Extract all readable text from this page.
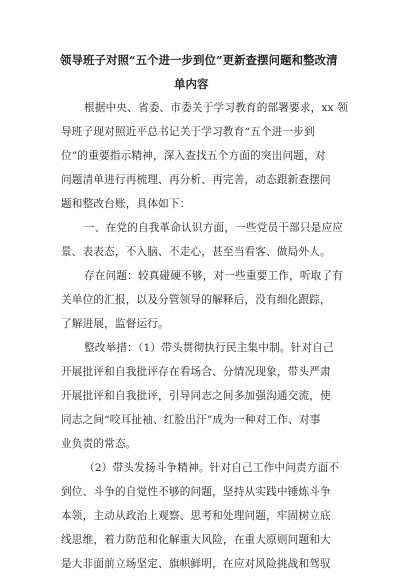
领导班子对照“五个进一步到位”更新查摆问题和整改清
单内容
根据中央、省委、市委关于学习教育的部署要求，xx 领
导班子现对照近平总书记关于学习教育“五个进一步到
位”的重要指示精神，深入查找五个方面的突出问题，对
问题清单进行再梳理、再分析、再完善，动态跟新查摆问
题和整改台账，具体如下：
一、在党的自我革命认识方面，一些党员干部只是应应
景、表表态，不入脑、不走心，甚至当看客、做局外人。
存在问题：较真碰硬不够，对一些重要工作，听取了有
关单位的汇报，以及分管领导的解释后，没有细化跟踪，
了解进展，监督运行。
整改举措：（1）带头贯彻执行民主集中制。针对自己
开展批评和自我批评存在看场合、分情况现象，带头严肃
开展批评和自我批评，引导同志之间多加强沟通交流，使
同志之间“咬耳扯袖、红脸出汗”成为一种对工作、对事
业负责的常态。
（2）带头发扬斗争精神。针对自己工作中问责方面不
到位、斗争的自觉性不够的问题，坚持从实践中锤炼斗争
本领，主动从政治上观察、思考和处理问题，牢固树立底
线思维，着力防范和化解重大风险，在重大原则问题和大
是大非面前立场坚定、旗帜鲜明，在应对风险挑战和驾驭
